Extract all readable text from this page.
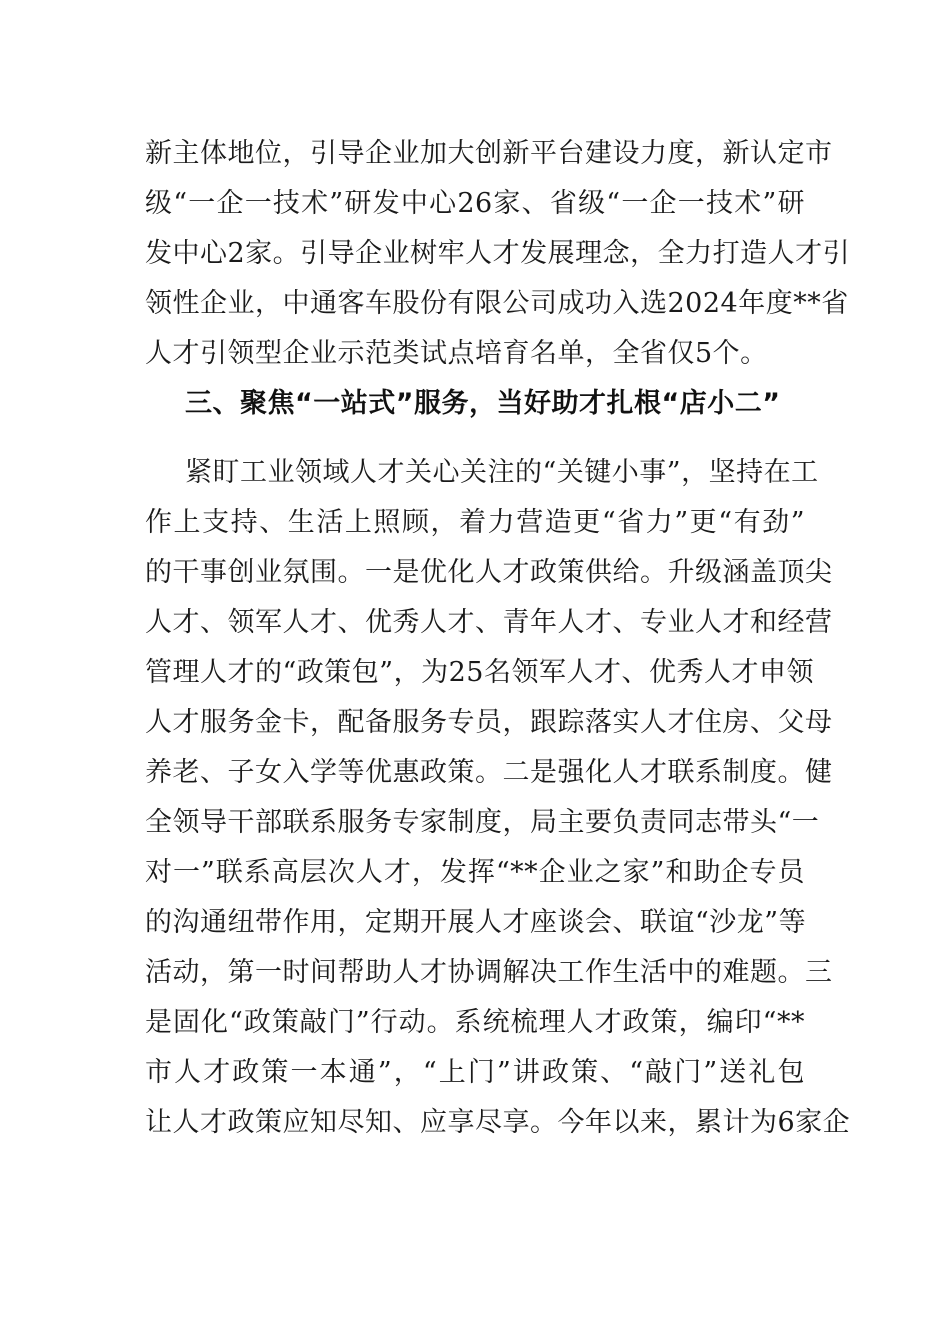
新主体地位，引导企业加大创新平台建设力度，新认定市
级“一企一技术”研发中心26家、省级“一企一技术”研
发中心2家。引导企业树牢人才发展理念，全力打造人才引
领性企业，中通客车股份有限公司成功入选2024年度**省
人才引领型企业示范类试点培育名单，全省仅5个。
三、聚焦“一站式”服务，当好助才扎根“店小二”
紧盯工业领域人才关心关注的“关键小事”，坚持在工
作上支持、生活上照顾，着力营造更“省力”更“有劲”
的干事创业氛围。一是优化人才政策供给。升级涵盖顶尖
人才、领军人才、优秀人才、青年人才、专业人才和经营
管理人才的“政策包”，为25名领军人才、优秀人才申领
人才服务金卡，配备服务专员，跟踪落实人才住房、父母
养老、子女入学等优惠政策。二是强化人才联系制度。健
全领导干部联系服务专家制度，局主要负责同志带头“一
对一”联系高层次人才，发挥“**企业之家”和助企专员
的沟通纽带作用，定期开展人才座谈会、联谊“沙龙”等
活动，第一时间帮助人才协调解决工作生活中的难题。三
是固化“政策敲门”行动。系统梳理人才政策，编印“**
市人才政策一本通”，“上门”讲政策、“敲门”送礼包
让人才政策应知尽知、应享尽享。今年以来，累计为6家企
